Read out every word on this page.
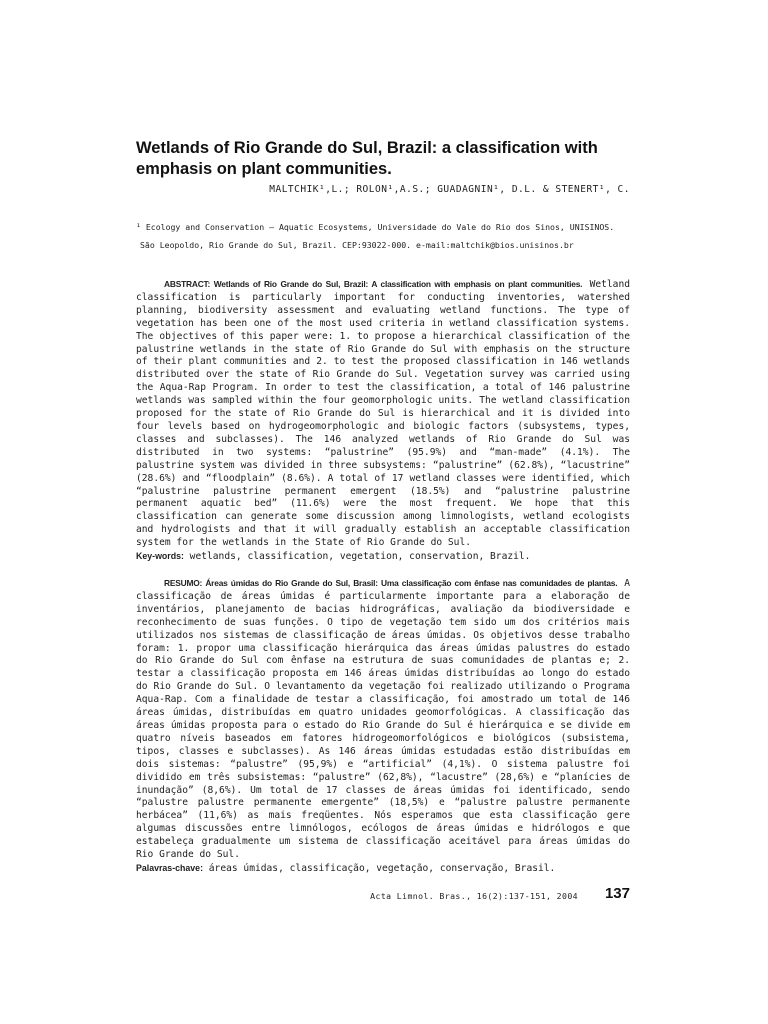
Wetlands of Rio Grande do Sul, Brazil: a classification with emphasis on plant communities.
MALTCHIK¹,L.; ROLON¹,A.S.; GUADAGNIN¹, D.L. & STENERT¹, C.
¹ Ecology and Conservation – Aquatic Ecosystems, Universidade do Vale do Rio dos Sinos, UNISINOS.
São Leopoldo, Rio Grande do Sul, Brazil. CEP:93022-000. e-mail:maltchik@bios.unisinos.br

ABSTRACT: Wetlands of Rio Grande do Sul, Brazil: A classification with emphasis on plant communities. Wetland classification is particularly important for conducting inventories, watershed planning, biodiversity assessment and evaluating wetland functions. The type of vegetation has been one of the most used criteria in wetland classification systems. The objectives of this paper were: 1. to propose a hierarchical classification of the palustrine wetlands in the state of Rio Grande do Sul with emphasis on the structure of their plant communities and 2. to test the proposed classification in 146 wetlands distributed over the state of Rio Grande do Sul. Vegetation survey was carried using the Aqua-Rap Program. In order to test the classification, a total of 146 palustrine wetlands was sampled within the four geomorphologic units. The wetland classification proposed for the state of Rio Grande do Sul is hierarchical and it is divided into four levels based on hydrogeomorphologic and biologic factors (subsystems, types, classes and subclasses). The 146 analyzed wetlands of Rio Grande do Sul was distributed in two systems: “palustrine” (95.9%) and “man-made” (4.1%). The palustrine system was divided in three subsystems: “palustrine” (62.8%), “lacustrine” (28.6%) and “floodplain” (8.6%). A total of 17 wetland classes were identified, which “palustrine palustrine permanent emergent (18.5%) and “palustrine palustrine permanent aquatic bed” (11.6%) were the most frequent. We hope that this classification can generate some discussion among limnologists, wetland ecologists and hydrologists and that it will gradually establish an acceptable classification system for the wetlands in the State of Rio Grande do Sul.

Key-words: wetlands, classification, vegetation, conservation, Brazil.

RESUMO: Áreas úmidas do Rio Grande do Sul, Brasil: Uma classificação com ênfase nas comunidades de plantas. A classificação de áreas úmidas é particularmente importante para a elaboração de inventários, planejamento de bacias hidrográficas, avaliação da biodiversidade e reconhecimento de suas funções. O tipo de vegetação tem sido um dos critérios mais utilizados nos sistemas de classificação de áreas úmidas. Os objetivos desse trabalho foram: 1. propor uma classificação hierárquica das áreas úmidas palustres do estado do Rio Grande do Sul com ênfase na estrutura de suas comunidades de plantas e; 2. testar a classificação proposta em 146 áreas úmidas distribuídas ao longo do estado do Rio Grande do Sul. O levantamento da vegetação foi realizado utilizando o Programa Aqua-Rap. Com a finalidade de testar a classificação, foi amostrado um total de 146 áreas úmidas, distribuídas em quatro unidades geomorfológicas. A classificação das áreas úmidas proposta para o estado do Rio Grande do Sul é hierárquica e se divide em quatro níveis baseados em fatores hidrogeomorfológicos e biológicos (subsistema, tipos, classes e subclasses). As 146 áreas úmidas estudadas estão distribuídas em dois sistemas: “palustre” (95,9%) e “artificial” (4,1%). O sistema palustre foi dividido em três subsistemas: “palustre” (62,8%), “lacustre” (28,6%) e “planícies de inundação” (8,6%). Um total de 17 classes de áreas úmidas foi identificado, sendo “palustre palustre permanente emergente” (18,5%) e “palustre palustre permanente herbácea” (11,6%) as mais freqüentes. Nós esperamos que esta classificação gere algumas discussões entre limnólogos, ecólogos de áreas úmidas e hidrólogos e que estabeleça gradualmente um sistema de classificação aceitável para áreas úmidas do Rio Grande do Sul.

Palavras-chave: áreas úmidas, classificação, vegetação, conservação, Brasil.

Acta Limnol. Bras., 16(2):137-151, 2004 137
